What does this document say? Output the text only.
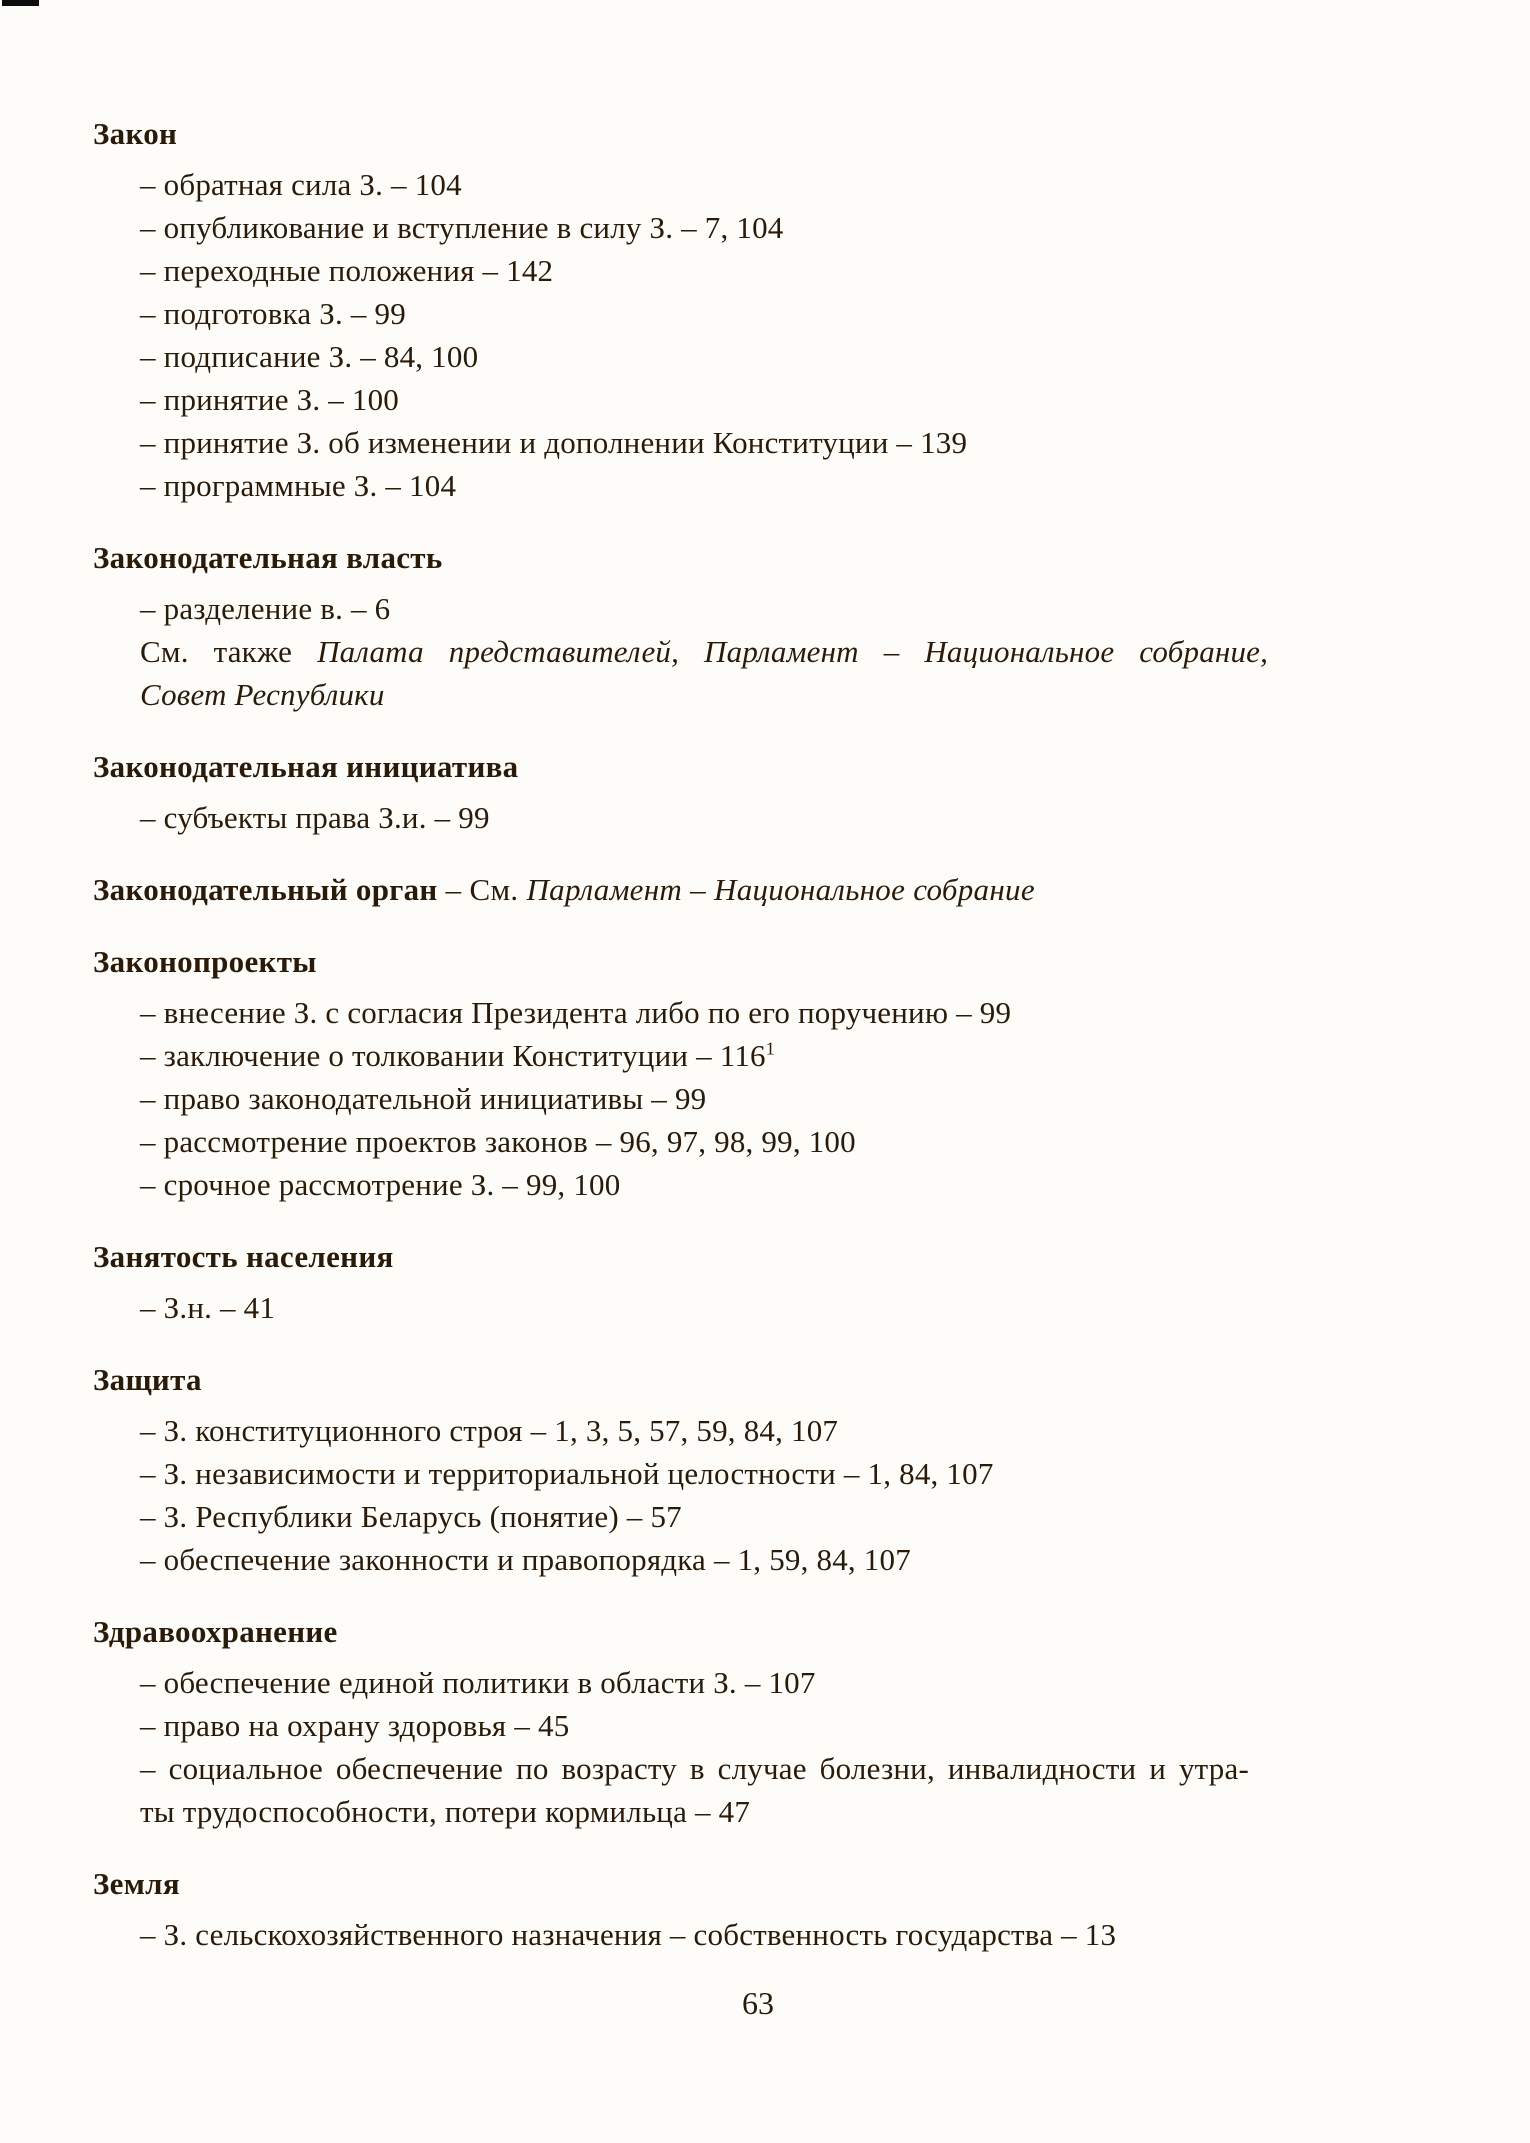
Закон
– обратная сила З. – 104
– опубликование и вступление в силу З. – 7, 104
– переходные положения – 142
– подготовка З. – 99
– подписание З. – 84, 100
– принятие З. – 100
– принятие З. об изменении и дополнении Конституции – 139
– программные З. – 104
Законодательная власть
– разделение в. – 6
См. также Палата представителей, Парламент – Национальное собрание,
Совет Республики
Законодательная инициатива
– субъекты права З.и. – 99
Законодательный орган – См. Парламент – Национальное собрание
Законопроекты
– внесение З. с согласия Президента либо по его поручению – 99
– заключение о толковании Конституции – $116^1$
– право законодательной инициативы – 99
– рассмотрение проектов законов – 96, 97, 98, 99, 100
– срочное рассмотрение З. – 99, 100
Занятость населения
– З.н. – 41
Защита
– З. конституционного строя – 1, 3, 5, 57, 59, 84, 107
– З. независимости и территориальной целостности – 1, 84, 107
– З. Республики Беларусь (понятие) – 57
– обеспечение законности и правопорядка – 1, 59, 84, 107
Здравоохранение
– обеспечение единой политики в области З. – 107
– право на охрану здоровья – 45
– социальное обеспечение по возрасту в случае болезни, инвалидности и утра-
ты трудоспособности, потери кормильца – 47
Земля
– З. сельскохозяйственного назначения – собственность государства – 13
63
